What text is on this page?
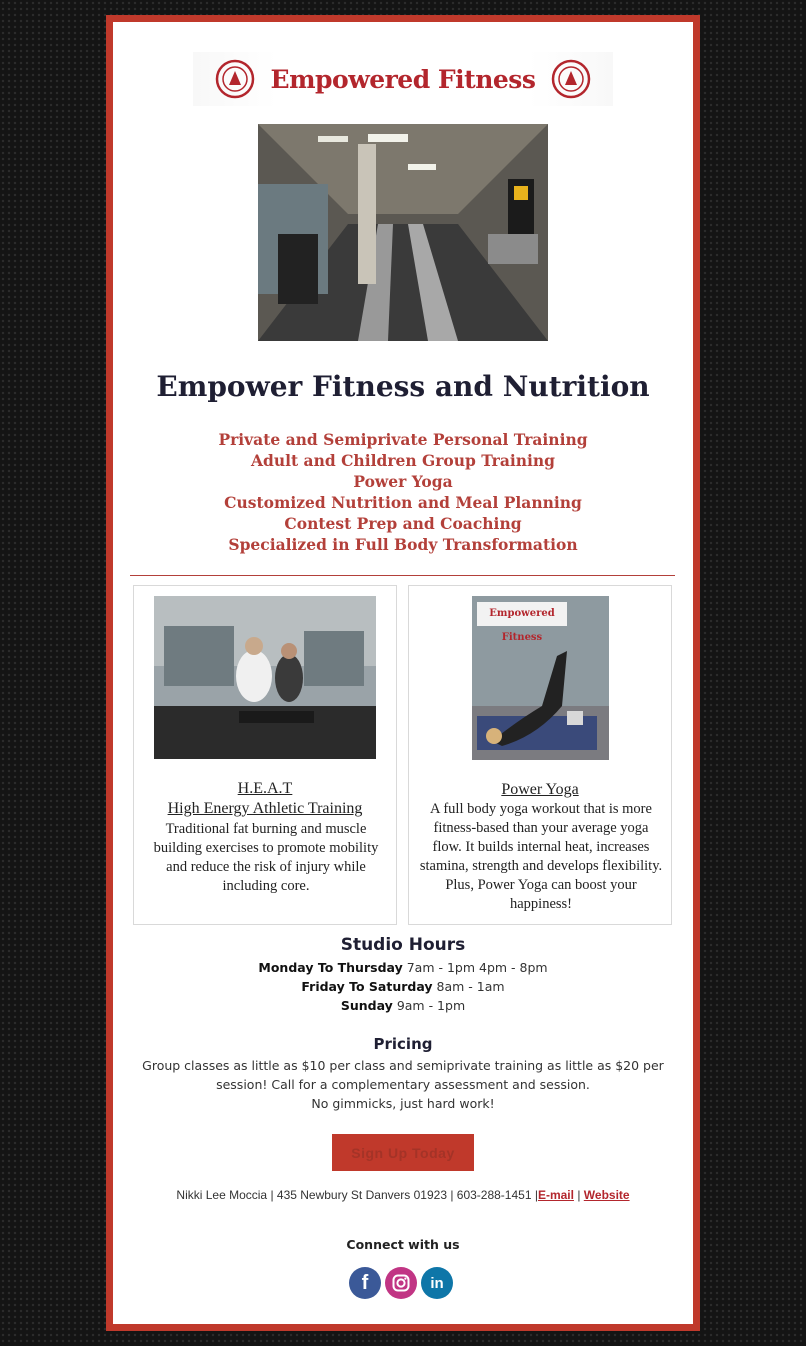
Empowered Fitness
Empower Fitness and Nutrition
Private and Semiprivate Personal Training
Adult and Children Group Training
Power Yoga
Customized Nutrition and Meal Planning
Contest Prep and Coaching
Specialized in Full Body Transformation
H.E.A.T
High Energy Athletic Training

Traditional fat burning and muscle building exercises to promote mobility and reduce the risk of injury while including core.

Empowered Fitness
Power Yoga

A full body yoga workout that is more fitness-based than your average yoga flow. It builds internal heat, increases stamina, strength and develops flexibility. Plus, Power Yoga can boost your happiness!

Studio Hours
Monday To Thursday 7am - 1pm 4pm - 8pm
Friday To Saturday 8am - 1am
Sunday 9am - 1pm
Pricing
Group classes as little as $10 per class and semiprivate training as little as $20 per session! Call for a complementary assessment and session.
No gimmicks, just hard work!
Sign Up Today
Nikki Lee Moccia | 435 Newbury St Danvers 01923 | 603-288-1451 |E-mail | Website
Connect with us
f	in
